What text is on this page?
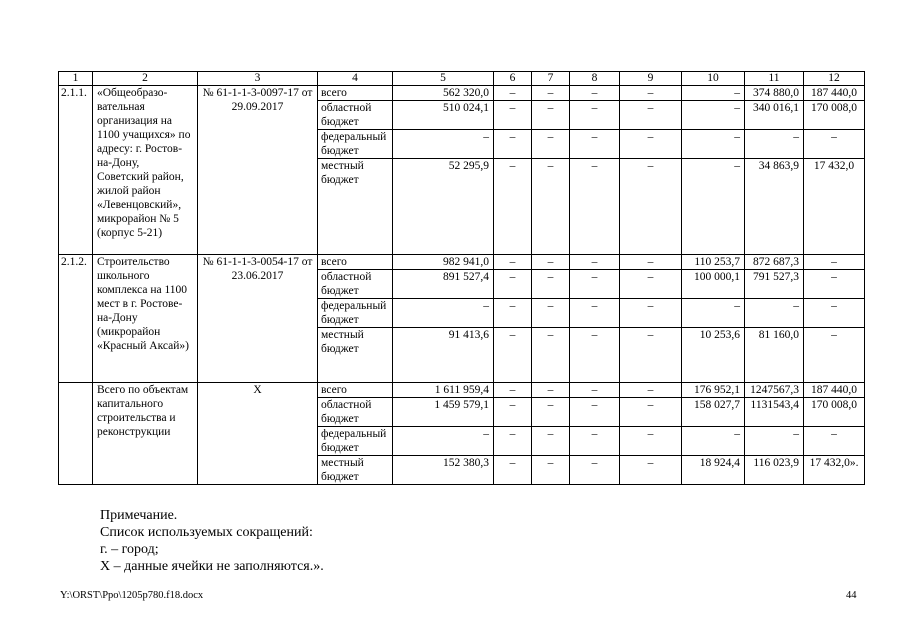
1	2	3	4	5	6	7	8	9	10	11	12
2.1.1.	«Общеобразо-вательная организация на 1100 учащихся» по адресу: г. Ростов-на-Дону, Советский район, жилой район «Левенцовский», микрорайон № 5 (корпус 5-21)	№ 61-1-1-3-0097-17 от 29.09.2017	всего	562 320,0	–	–	–	–	–	374 880,0	187 440,0
			областной бюджет	510 024,1	–	–	–	–	–	340 016,1	170 008,0
			федеральный бюджет	–	–	–	–	–	–	–	–
			местный бюджет	52 295,9	–	–	–	–	–	34 863,9	17 432,0
2.1.2.	Строительство школьного комплекса на 1100 мест в г. Ростове-на-Дону (микрорайон «Красный Аксай»)	№ 61-1-1-3-0054-17 от 23.06.2017	всего	982 941,0	–	–	–	–	110 253,7	872 687,3	–
			областной бюджет	891 527,4	–	–	–	–	100 000,1	791 527,3	–
			федеральный бюджет	–	–	–	–	–	–	–	–
			местный бюджет	91 413,6	–	–	–	–	10 253,6	81 160,0	–
	Всего по объектам капитального строительства и реконструкции	Х	всего	1 611 959,4	–	–	–	–	176 952,1	1247567,3	187 440,0
			областной бюджет	1 459 579,1	–	–	–	–	158 027,7	1131543,4	170 008,0
			федеральный бюджет	–	–	–	–	–	–	–	–
			местный бюджет	152 380,3	–	–	–	–	18 924,4	116 023,9	17 432,0».
Примечание.
Список используемых сокращений:
г. – город;
Х – данные ячейки не заполняются.».
Y:\ORST\Ppo\1205p780.f18.docx	44
